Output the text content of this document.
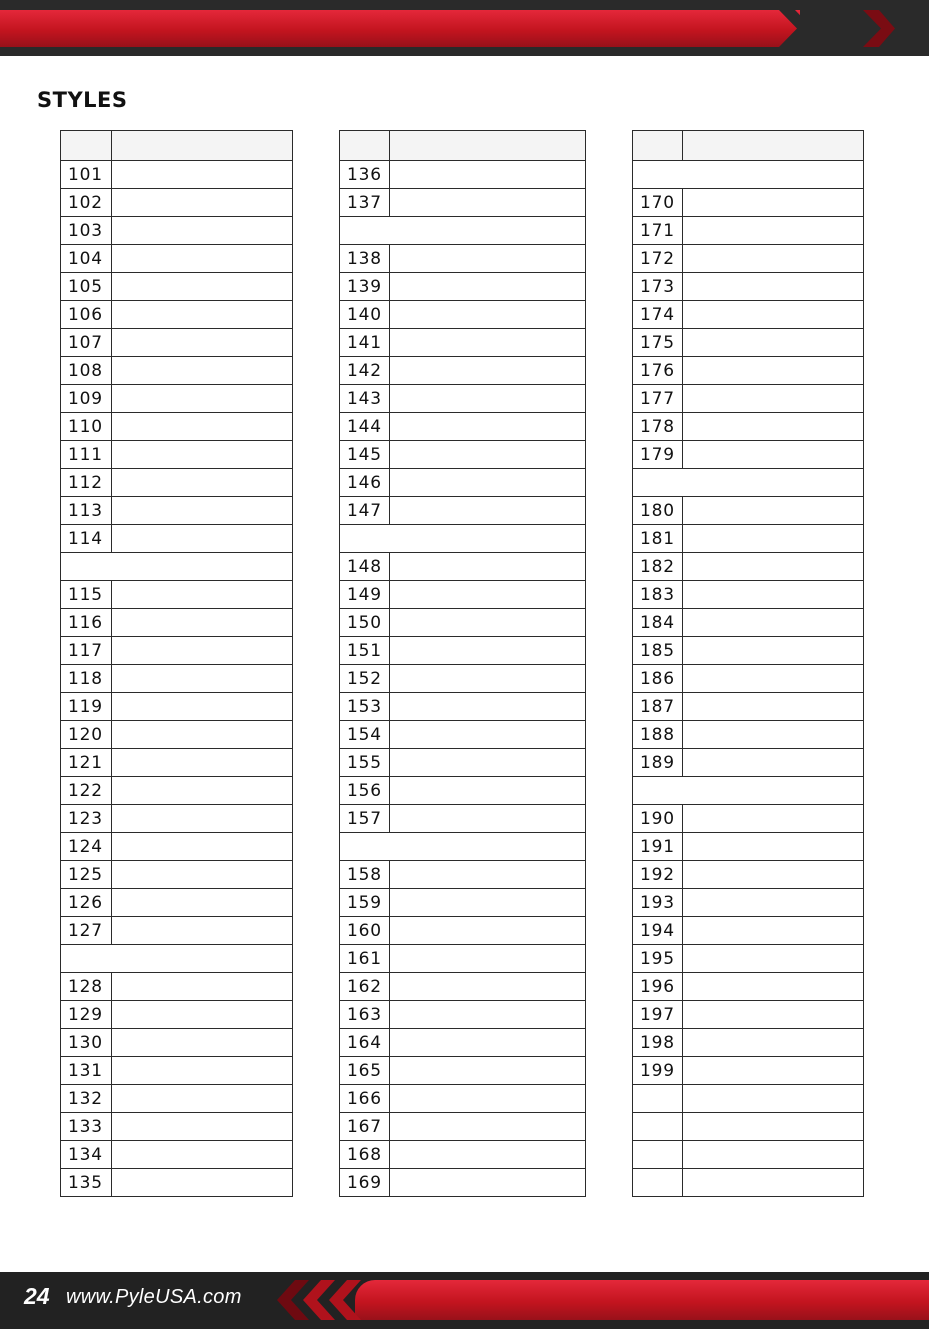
STYLES

101	
102	
103	
104	
105	
106	
107	
108	
109	
110	
111	
112	
113	
114	

115	
116	
117	
118	
119	
120	
121	
122	
123	
124	
125	
126	
127	

128	
129	
130	
131	
132	
133	
134	
135	

136	
137	

138	
139	
140	
141	
142	
143	
144	
145	
146	
147	

148	
149	
150	
151	
152	
153	
154	
155	
156	
157	

158	
159	
160	
161	
162	
163	
164	
165	
166	
167	
168	
169	

170	
171	
172	
173	
174	
175	
176	
177	
178	
179	

180	
181	
182	
183	
184	
185	
186	
187	
188	
189	

190	
191	
192	
193	
194	
195	
196	
197	
198	
199	

24 www.PyleUSA.com
